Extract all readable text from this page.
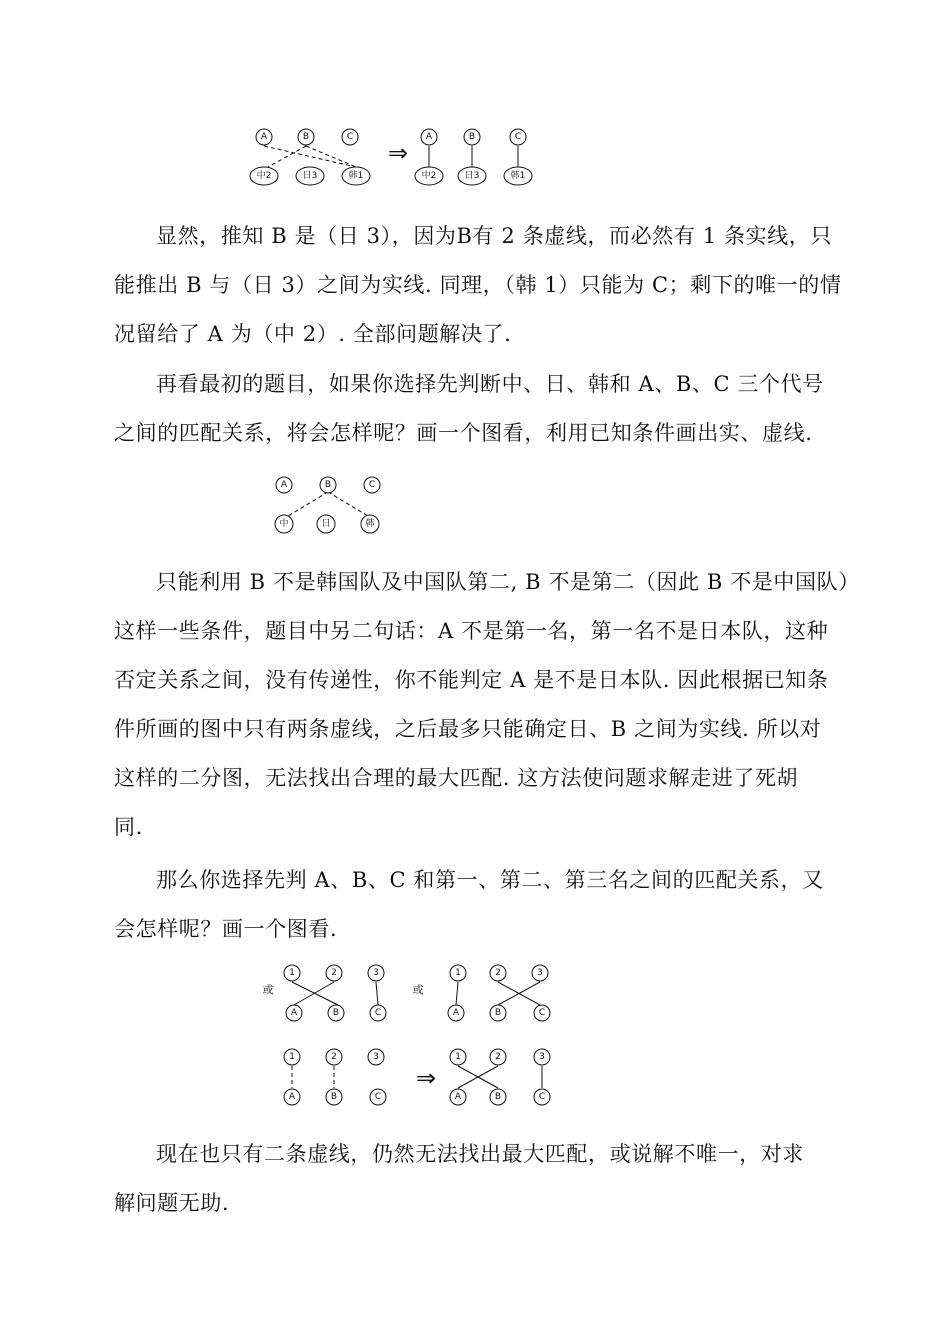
A	B	C
中2	日3	韩1
⇒
A	B	C
中2	日3	韩1

显然，推知 B 是（日 3），因为B有 2 条虚线，而必然有 1 条实线，只
能推出 B 与（日 3）之间为实线. 同理，（韩 1）只能为 C；剩下的唯一的情
况留给了 A 为（中 2）. 全部问题解决了.

再看最初的题目，如果你选择先判断中、日、韩和 A、B、C 三个代号
之间的匹配关系，将会怎样呢？画一个图看，利用已知条件画出实、虚线.

A	B	C
中	日	韩

只能利用 B 不是韩国队及中国队第二, B 不是第二（因此 B 不是中国队）
这样一些条件，题目中另二句话：A 不是第一名，第一名不是日本队，这种
否定关系之间，没有传递性，你不能判定 A 是不是日本队. 因此根据已知条
件所画的图中只有两条虚线，之后最多只能确定日、B 之间为实线. 所以对
这样的二分图，无法找出合理的最大匹配. 这方法使问题求解走进了死胡
同.

那么你选择先判 A、B、C 和第一、第二、第三名之间的匹配关系，又
会怎样呢？画一个图看.

或
1	2	3
A	B	C
或
1	2	3
A	B	C
1	2	3
A	B	C
⇒
1	2	3
A	B	C

现在也只有二条虚线，仍然无法找出最大匹配，或说解不唯一，对求
解问题无助.
